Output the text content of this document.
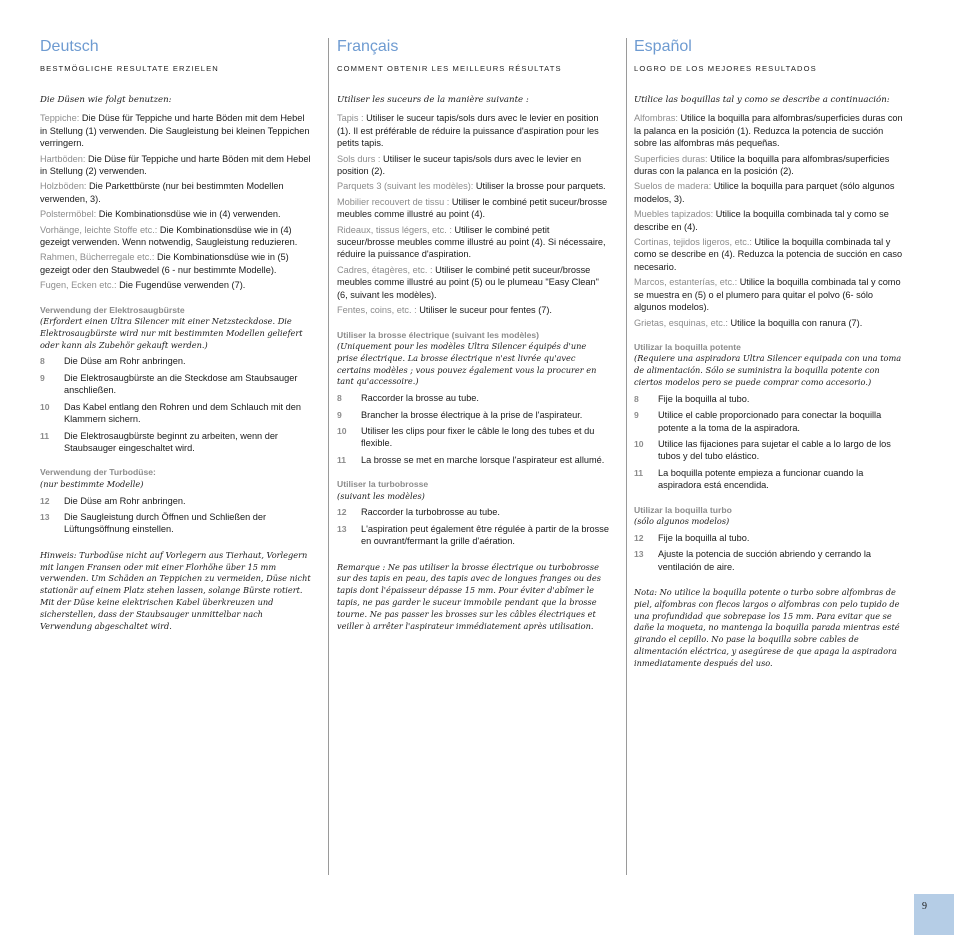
Deutsch
BESTMÖGLICHE RESULTATE ERZIELEN
Die Düsen wie folgt benutzen:

Teppiche: Die Düse für Teppiche und harte Böden mit dem Hebel in Stellung (1) verwenden. Die Saugleistung bei kleinen Teppichen verringern.

Hartböden: Die Düse für Teppiche und harte Böden mit dem Hebel in Stellung (2) verwenden.

Holzböden: Die Parkettbürste (nur bei bestimmten Modellen verwenden, 3).

Polstermöbel: Die Kombinationsdüse wie in (4) verwenden.

Vorhänge, leichte Stoffe etc.: Die Kombinationsdüse wie in (4) gezeigt verwenden. Wenn notwendig, Saugleistung reduzieren.

Rahmen, Bücherregale etc.: Die Kombinationsdüse wie in (5) gezeigt oder den Staubwedel (6 - nur bestimmte Modelle).

Fugen, Ecken etc.: Die Fugendüse verwenden (7).

Verwendung der Elektrosaugbürste
(Erfordert einen Ultra Silencer mit einer Netzsteckdose. Die Elektrosaugbürste wird nur mit bestimmten Modellen geliefert oder kann als Zubehör gekauft werden.)
8 Die Düse am Rohr anbringen.
9 Die Elektrosaugbürste an die Steckdose am Staubsauger anschließen.
10 Das Kabel entlang den Rohren und dem Schlauch mit den Klammern sichern.
11 Die Elektrosaugbürste beginnt zu arbeiten, wenn der Staubsauger eingeschaltet wird.
Verwendung der Turbodüse:
(nur bestimmte Modelle)
12 Die Düse am Rohr anbringen.
13 Die Saugleistung durch Öffnen und Schließen der Lüftungsöffnung einstellen.
Hinweis: Turbodüse nicht auf Vorlegern aus Tierhaut, Vorlegern mit langen Fransen oder mit einer Florhöhe über 15 mm verwenden. Um Schäden an Teppichen zu vermeiden, Düse nicht stationär auf einem Platz stehen lassen, solange Bürste rotiert. Mit der Düse keine elektrischen Kabel überkreuzen und sicherstellen, dass der Staubsauger unmittelbar nach Verwendung abgeschaltet wird.
Français
COMMENT OBTENIR LES MEILLEURS RÉSULTATS
Utiliser les suceurs de la manière suivante :

Tapis : Utiliser le suceur tapis/sols durs avec le levier en position (1). Il est préférable de réduire la puissance d'aspiration pour les petits tapis.

Sols durs : Utiliser le suceur tapis/sols durs avec le levier en position (2).

Parquets 3 (suivant les modèles): Utiliser la brosse pour parquets.

Mobilier recouvert de tissu : Utiliser le combiné petit suceur/brosse meubles comme illustré au point (4).

Rideaux, tissus légers, etc. : Utiliser le combiné petit suceur/brosse meubles comme illustré au point (4). Si nécessaire, réduire la puissance d'aspiration.

Cadres, étagères, etc. : Utiliser le combiné petit suceur/brosse meubles comme illustré au point (5) ou le plumeau "Easy Clean" (6, suivant les modèles).

Fentes, coins, etc. : Utiliser le suceur pour fentes (7).

Utiliser la brosse électrique (suivant les modèles)
(Uniquement pour les modèles Ultra Silencer équipés d'une prise électrique. La brosse électrique n'est livrée qu'avec certains modèles ; vous pouvez également vous la procurer en tant qu'accessoire.)
8 Raccorder la brosse au tube.
9 Brancher la brosse électrique à la prise de l'aspirateur.
10 Utiliser les clips pour fixer le câble le long des tubes et du flexible.
11 La brosse se met en marche lorsque l'aspirateur est allumé.
Utiliser la turbobrosse
(suivant les modèles)
12 Raccorder la turbobrosse au tube.
13 L'aspiration peut également être régulée à partir de la brosse en ouvrant/fermant la grille d'aération.
Remarque : Ne pas utiliser la brosse électrique ou turbobrosse sur des tapis en peau, des tapis avec de longues franges ou des tapis dont l'épaisseur dépasse 15 mm. Pour éviter d'abîmer le tapis, ne pas garder le suceur immobile pendant que la brosse tourne. Ne pas passer les brosses sur les câbles électriques et veiller à arrêter l'aspirateur immédiatement après utilisation.
Español
LOGRO DE LOS MEJORES RESULTADOS
Utilice las boquillas tal y como se describe a continuación:

Alfombras: Utilice la boquilla para alfombras/superficies duras con la palanca en la posición (1). Reduzca la potencia de succión sobre las alfombras más pequeñas.

Superficies duras: Utilice la boquilla para alfombras/superficies duras con la palanca en la posición (2).

Suelos de madera: Utilice la boquilla para parquet (sólo algunos modelos, 3).

Muebles tapizados: Utilice la boquilla combinada tal y como se describe en (4).

Cortinas, tejidos ligeros, etc.: Utilice la boquilla combinada tal y como se describe en (4). Reduzca la potencia de succión en caso necesario.

Marcos, estanterías, etc.: Utilice la boquilla combinada tal y como se muestra en (5) o el plumero para quitar el polvo (6- sólo algunos modelos).

Grietas, esquinas, etc.: Utilice la boquilla con ranura (7).

Utilizar la boquilla potente
(Requiere una aspiradora Ultra Silencer equipada con una toma de alimentación. Sólo se suministra la boquilla potente con ciertos modelos pero se puede comprar como accesorio.)
8 Fije la boquilla al tubo.
9 Utilice el cable proporcionado para conectar la boquilla potente a la toma de la aspiradora.
10 Utilice las fijaciones para sujetar el cable a lo largo de los tubos y del tubo elástico.
11 La boquilla potente empieza a funcionar cuando la aspiradora está encendida.
Utilizar la boquilla turbo
(sólo algunos modelos)
12 Fije la boquilla al tubo.
13 Ajuste la potencia de succión abriendo y cerrando la ventilación de aire.
Nota: No utilice la boquilla potente o turbo sobre alfombras de piel, alfombras con flecos largos o alfombras con pelo tupido de una profundidad que sobrepase los 15 mm. Para evitar que se dañe la moqueta, no mantenga la boquilla parada mientras esté girando el cepillo. No pase la boquilla sobre cables de alimentación eléctrica, y asegúrese de que apaga la aspiradora inmediatamente después del uso.
9
